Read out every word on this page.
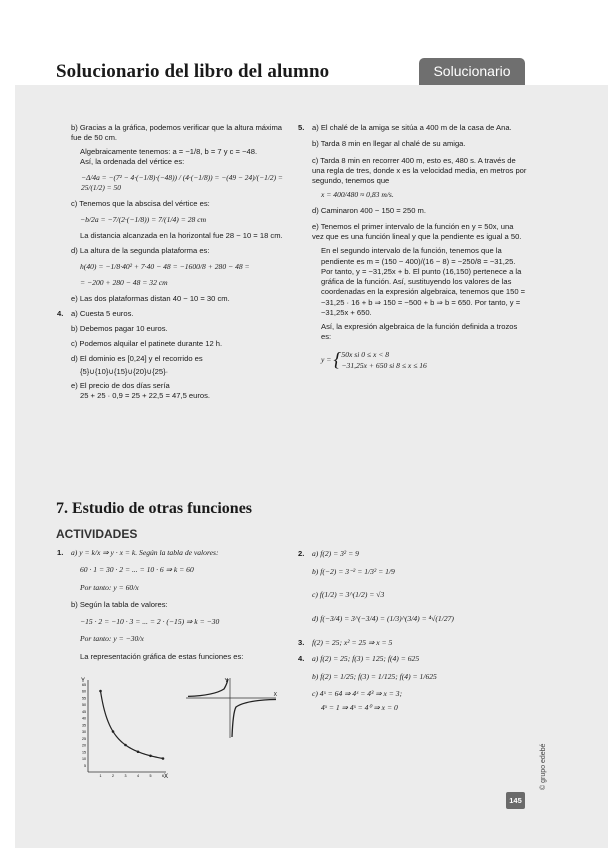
Solucionario del libro del alumno	Solucionario

b) Gracias a la gráfica, podemos verificar que la altura máxima fue de 50 cm.

Algebraicamente tenemos: a = −1/8, b = 7 y c = −48.

Así, la ordenada del vértice es:

−Δ/4a = −(7² − 4·(−1/8)·(−48)) / (4·(−1/8)) = −(49 − 24)/(−1/2) = 25/(1/2) = 50

c) Tenemos que la abscisa del vértice es:

−b/2a = −7/(2·(−1/8)) = 7/(1/4) = 28 cm

La distancia alcanzada en la horizontal fue 28 − 10 = 18 cm.

d) La altura de la segunda plataforma es:

h(40) = −1/8·40² + 7·40 − 48 = −1600/8 + 280 − 48 =

= −200 + 280 − 48 = 32 cm

e) Las dos plataformas distan 40 − 10 = 30 cm.

4. a) Cuesta 5 euros.

b) Debemos pagar 10 euros.

c) Podemos alquilar el patinete durante 12 h.

d) El dominio es [0,24] y el recorrido es

{5}∪{10}∪{15}∪{20}∪{25}·

e) El precio de dos días sería

25 + 25 · 0,9 = 25 + 22,5 = 47,5 euros.

5. a) El chalé de la amiga se sitúa a 400 m de la casa de Ana.

b) Tarda 8 min en llegar al chalé de su amiga.

c) Tarda 8 min en recorrer 400 m, esto es, 480 s. A través de una regla de tres, donde x es la velocidad media, en metros por segundo, tenemos que

x = 400/480 ≈ 0,83 m/s.

d) Caminaron 400 − 150 = 250 m.

e) Tenemos el primer intervalo de la función en y = 50x, una vez que es una función lineal y que la pendiente es igual a 50.

En el segundo intervalo de la función, tenemos que la pendiente es m = (150 − 400)/(16 − 8) = −250/8 = −31,25. Por tanto, y = −31,25x + b. El punto (16,150) pertenece a la gráfica de la función. Así, sustituyendo los valores de las coordenadas en la expresión algebraica, tenemos que 150 = −31,25 · 16 + b ⇒ 150 = −500 + b ⇒ b = 650. Por tanto, y = −31,25x + 650.

Así, la expresión algebraica de la función definida a trozos es:

y = { 50x si 0 ≤ x < 8
−31,25x + 650 si 8 ≤ x ≤ 16
7. Estudio de otras funciones
ACTIVIDADES
1. a) y = k/x ⇒ y · x = k. Según la tabla de valores:

60 · 1 = 30 · 2 = ... = 10 · 6 ⇒ k = 60

Por tanto: y = 60/x

b) Según la tabla de valores:

−15 · 2 = −10 · 3 = ... = 2 · (−15) ⇒ k = −30

Por tanto: y = −30/x

La representación gráfica de estas funciones es:

65
60
55
50
45
40
35
30
25
20
15
10
5
1	2	3	4	5	6
Y
X
Y
X
2. a) f(2) = 3² = 9

b) f(−2) = 3⁻² = 1/3² = 1/9

c) f(1/2) = 3^(1/2) = √3

d) f(−3/4) = 3^(−3/4) = (1/3)^(3/4) = ⁴√(1/27)

3. f(2) = 25; x² = 25 ⇒ x = 5

4. a) f(2) = 25; f(3) = 125; f(4) = 625

b) f(2) = 1/25; f(3) = 1/125; f(4) = 1/625

c) 4ˣ = 64 ⇒ 4ˣ = 4³ ⇒ x = 3;

4ˣ = 1 ⇒ 4ˣ = 4⁰ ⇒ x = 0

145
© grupo edebé
